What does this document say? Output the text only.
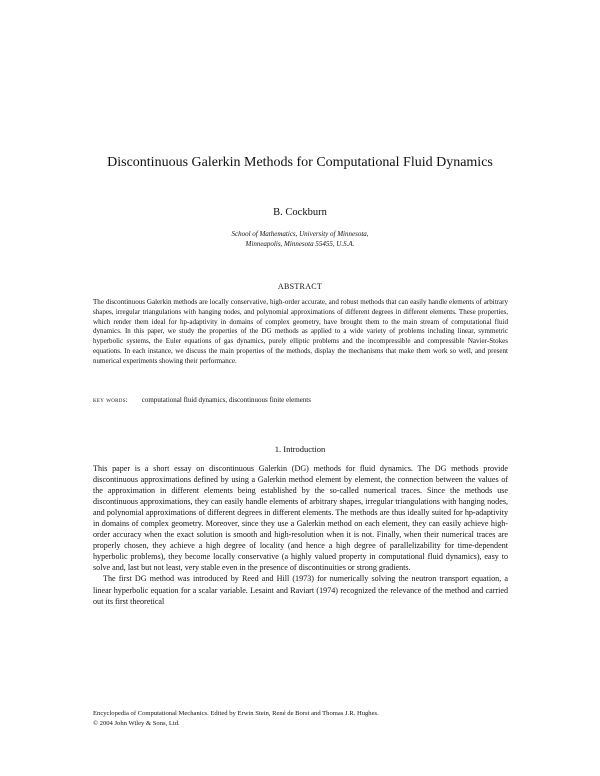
Discontinuous Galerkin Methods for Computational Fluid Dynamics
B. Cockburn
School of Mathematics, University of Minnesota,
Minneapolis, Minnesota 55455, U.S.A.
ABSTRACT
The discontinuous Galerkin methods are locally conservative, high-order accurate, and robust methods that can easily handle elements of arbitrary shapes, irregular triangulations with hanging nodes, and polynomial approximations of different degrees in different elements. These properties, which render them ideal for hp-adaptivity in domains of complex geometry, have brought them to the main stream of computational fluid dynamics. In this paper, we study the properties of the DG methods as applied to a wide variety of problems including linear, symmetric hyperbolic systems, the Euler equations of gas dynamics, purely elliptic problems and the incompressible and compressible Navier-Stokes equations. In each instance, we discuss the main properties of the methods, display the mechanisms that make them work so well, and present numerical experiments showing their performance.
key words: computational fluid dynamics, discontinuous finite elements
1. Introduction

This paper is a short essay on discontinuous Galerkin (DG) methods for fluid dynamics. The DG methods provide discontinuous approximations defined by using a Galerkin method element by element, the connection between the values of the approximation in different elements being established by the so-called numerical traces. Since the methods use discontinuous approximations, they can easily handle elements of arbitrary shapes, irregular triangulations with hanging nodes, and polynomial approximations of different degrees in different elements. The methods are thus ideally suited for hp-adaptivity in domains of complex geometry. Moreover, since they use a Galerkin method on each element, they can easily achieve high-order accuracy when the exact solution is smooth and high-resolution when it is not. Finally, when their numerical traces are properly chosen, they achieve a high degree of locality (and hence a high degree of parallelizability for time-dependent hyperbolic problems), they become locally conservative (a highly valued property in computational fluid dynamics), easy to solve and, last but not least, very stable even in the presence of discontinuities or strong gradients.

The first DG method was introduced by Reed and Hill (1973) for numerically solving the neutron transport equation, a linear hyperbolic equation for a scalar variable. Lesaint and Raviart (1974) recognized the relevance of the method and carried out its first theoretical

Encyclopedia of Computational Mechanics. Edited by Erwin Stein, René de Borst and Thomas J.R. Hughes.
© 2004 John Wiley & Sons, Ltd.
